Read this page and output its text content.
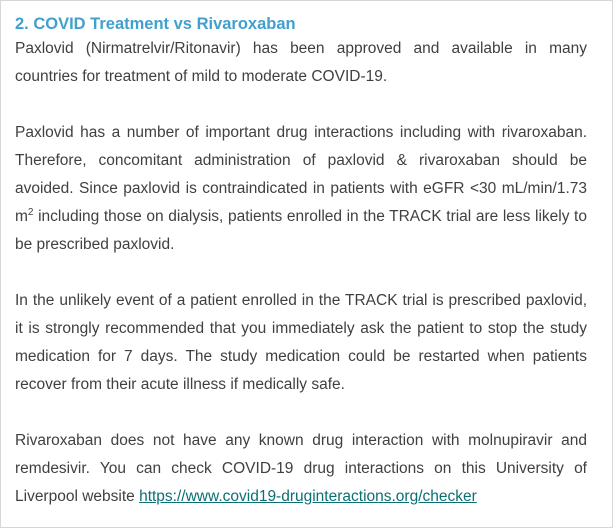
2. COVID Treatment vs Rivaroxaban

Paxlovid (Nirmatrelvir/Ritonavir) has been approved and available in many countries for treatment of mild to moderate COVID-19.

Paxlovid has a number of important drug interactions including with rivaroxaban. Therefore, concomitant administration of paxlovid & rivaroxaban should be avoided. Since paxlovid is contraindicated in patients with eGFR <30 mL/min/1.73 $m^2$ including those on dialysis, patients enrolled in the TRACK trial are less likely to be prescribed paxlovid.

In the unlikely event of a patient enrolled in the TRACK trial is prescribed paxlovid, it is strongly recommended that you immediately ask the patient to stop the study medication for 7 days. The study medication could be restarted when patients recover from their acute illness if medically safe.

Rivaroxaban does not have any known drug interaction with molnupiravir and remdesivir. You can check COVID-19 drug interactions on this University of Liverpool website https://www.covid19-druginteractions.org/checker
